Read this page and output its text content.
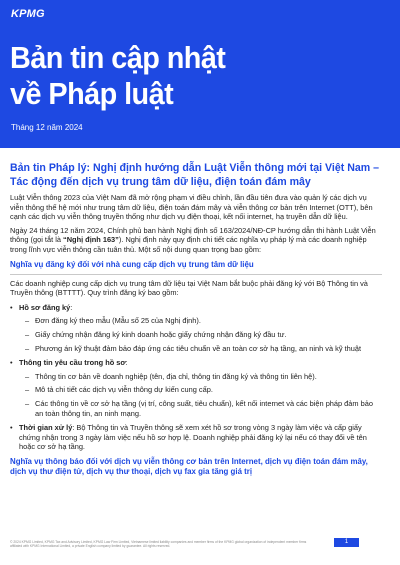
KPMG
Bản tin cập nhật
về Pháp luật
Tháng 12 năm 2024
Bản tin Pháp lý: Nghị định hướng dẫn Luật Viễn thông mới tại Việt Nam – Tác động đến dịch vụ trung tâm dữ liệu, điện toán đám mây
Luật Viễn thông 2023 của Việt Nam đã mở rộng phạm vi điều chỉnh, lần đầu tiên đưa vào quản lý các dịch vụ viễn thông thế hệ mới như trung tâm dữ liệu, điện toán đám mây và viễn thông cơ bản trên Internet (OTT), bên cạnh các dịch vụ viễn thông truyền thống như dịch vụ điện thoại, kết nối internet, hạ truyền dẫn dữ liệu.
Ngày 24 tháng 12 năm 2024, Chính phủ ban hành Nghị định số 163/2024/NĐ-CP hướng dẫn thi hành Luật Viễn thông (gọi tắt là “Nghị định 163”). Nghị định này quy định chi tiết các nghĩa vụ pháp lý mà các doanh nghiệp trong lĩnh vực viễn thông cần tuân thủ. Một số nội dung quan trọng bao gồm:
Nghĩa vụ đăng ký đối với nhà cung cấp dịch vụ trung tâm dữ liệu
Các doanh nghiệp cung cấp dịch vụ trung tâm dữ liệu tại Việt Nam bắt buộc phải đăng ký với Bộ Thông tin và Truyền thông (BTTTT). Quy trình đăng ký bao gồm:
• Hồ sơ đăng ký:
– Đơn đăng ký theo mẫu (Mẫu số 25 của Nghị định).
– Giấy chứng nhận đăng ký kinh doanh hoặc giấy chứng nhận đăng ký đầu tư.
– Phương án kỹ thuật đảm bảo đáp ứng các tiêu chuẩn về an toàn cơ sở hạ tầng, an ninh và kỹ thuật
• Thông tin yêu cầu trong hồ sơ:
– Thông tin cơ bản về doanh nghiệp (tên, địa chỉ, thông tin đăng ký và thông tin liên hệ).
– Mô tả chi tiết các dịch vụ viễn thông dự kiến cung cấp.
– Các thông tin về cơ sở hạ tầng (vị trí, công suất, tiêu chuẩn), kết nối internet và các biện pháp đảm bảo an toàn thông tin, an ninh mạng.
• Thời gian xử lý: Bộ Thông tin và Truyền thông sẽ xem xét hồ sơ trong vòng 3 ngày làm việc và cấp giấy chứng nhận trong 3 ngày làm việc nếu hồ sơ hợp lệ. Doanh nghiệp phải đăng ký lại nếu có thay đổi về tên hoặc cơ sở hạ tầng.
Nghĩa vụ thông báo đối với dịch vụ viễn thông cơ bản trên Internet, dịch vụ điện toán đám mây, dịch vụ thư điện tử, dịch vụ thư thoại, dịch vụ fax gia tăng giá trị
© 2024 KPMG Limited, KPMG Tax and Advisory Limited, KPMG Law Firm Limited, Vietnamese limited liability companies and member firms of the KPMG global organization of independent member firms affiliated with KPMG International Limited, a private English company limited by guarantee. All rights reserved.
1
